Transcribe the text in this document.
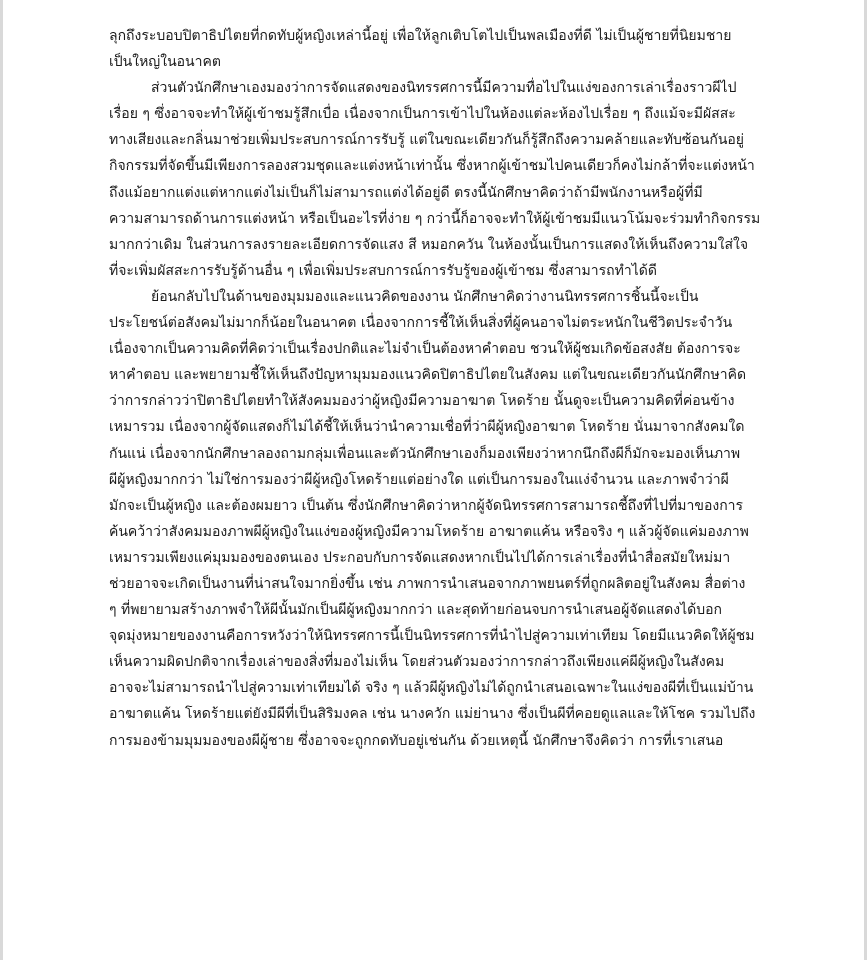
ลุกถึงระบอบปิตาธิปไตยที่กดทับผู้หญิงเหล่านี้อยู่ เพื่อให้ลูกเติบโตไปเป็นพลเมืองที่ดี ไม่เป็นผู้ชายที่นิยมชาย
เป็นใหญ่ในอนาคต
ส่วนตัวนักศึกษาเองมองว่าการจัดแสดงของนิทรรศการนี้มีความทื่อไปในแง่ของการเล่าเรื่องราวผีไป
เรื่อย ๆ ซึ่งอาจจะทำให้ผู้เข้าชมรู้สึกเบื่อ เนื่องจากเป็นการเข้าไปในห้องแต่ละห้องไปเรื่อย ๆ ถึงแม้จะมีผัสสะ
ทางเสียงและกลิ่นมาช่วยเพิ่มประสบการณ์การรับรู้ แต่ในขณะเดียวกันก็รู้สึกถึงความคล้ายและทับซ้อนกันอยู่
กิจกรรมที่จัดขึ้นมีเพียงการลองสวมชุดและแต่งหน้าเท่านั้น ซึ่งหากผู้เข้าชมไปคนเดียวก็คงไม่กล้าที่จะแต่งหน้า
ถึงแม้อยากแต่งแต่หากแต่งไม่เป็นก็ไม่สามารถแต่งได้อยู่ดี ตรงนี้นักศึกษาคิดว่าถ้ามีพนักงานหรือผู้ที่มี
ความสามารถด้านการแต่งหน้า หรือเป็นอะไรที่ง่าย ๆ กว่านี้ก็อาจจะทำให้ผู้เข้าชมมีแนวโน้มจะร่วมทำกิจกรรม
มากกว่าเดิม ในส่วนการลงรายละเอียดการจัดแสง สี หมอกควัน ในห้องนั้นเป็นการแสดงให้เห็นถึงความใส่ใจ
ที่จะเพิ่มผัสสะการรับรู้ด้านอื่น ๆ เพื่อเพิ่มประสบการณ์การรับรู้ของผู้เข้าชม ซึ่งสามารถทำได้ดี
ย้อนกลับไปในด้านของมุมมองและแนวคิดของงาน นักศึกษาคิดว่างานนิทรรศการชิ้นนี้จะเป็น
ประโยชน์ต่อสังคมไม่มากก็น้อยในอนาคต เนื่องจากการชี้ให้เห็นสิ่งที่ผู้คนอาจไม่ตระหนักในชีวิตประจำวัน
เนื่องจากเป็นความคิดที่คิดว่าเป็นเรื่องปกติและไม่จำเป็นต้องหาคำตอบ ชวนให้ผู้ชมเกิดข้อสงสัย ต้องการจะ
หาคำตอบ และพยายามชี้ให้เห็นถึงปัญหามุมมองแนวคิดปิตาธิปไตยในสังคม แต่ในขณะเดียวกันนักศึกษาคิด
ว่าการกล่าวว่าปิตาธิปไตยทำให้สังคมมองว่าผู้หญิงมีความอาฆาต โหดร้าย นั้นดูจะเป็นความคิดที่ค่อนข้าง
เหมารวม เนื่องจากผู้จัดแสดงก็ไม่ได้ชี้ให้เห็นว่านำความเชื่อที่ว่าผีผู้หญิงอาฆาต โหดร้าย นั่นมาจากสังคมใด
กันแน่ เนื่องจากนักศึกษาลองถามกลุ่มเพื่อนและตัวนักศึกษาเองก็มองเพียงว่าหากนึกถึงผีก็มักจะมองเห็นภาพ
ผีผู้หญิงมากกว่า ไม่ใช่การมองว่าผีผู้หญิงโหดร้ายแต่อย่างใด แต่เป็นการมองในแง่จำนวน และภาพจำว่าผี
มักจะเป็นผู้หญิง และต้องผมยาว เป็นต้น ซึ่งนักศึกษาคิดว่าหากผู้จัดนิทรรศการสามารถชี้ถึงที่ไปที่มาของการ
ค้นคว้าว่าสังคมมองภาพผีผู้หญิงในแง่ของผู้หญิงมีความโหดร้าย อาฆาตแค้น หรือจริง ๆ แล้วผู้จัดแค่มองภาพ
เหมารวมเพียงแค่มุมมองของตนเอง ประกอบกับการจัดแสดงหากเป็นไปได้การเล่าเรื่องที่นำสื่อสมัยใหม่มา
ช่วยอาจจะเกิดเป็นงานที่น่าสนใจมากยิ่งขึ้น เช่น ภาพการนำเสนอจากภาพยนตร์ที่ถูกผลิตอยู่ในสังคม สื่อต่าง
ๆ ที่พยายามสร้างภาพจำให้ผีนั้นมักเป็นผีผู้หญิงมากกว่า และสุดท้ายก่อนจบการนำเสนอผู้จัดแสดงได้บอก
จุดมุ่งหมายของงานคือการหวังว่าให้นิทรรศการนี้เป็นนิทรรศการที่นำไปสู่ความเท่าเทียม โดยมีแนวคิดให้ผู้ชม
เห็นความผิดปกติจากเรื่องเล่าของสิ่งที่มองไม่เห็น โดยส่วนตัวมองว่าการกล่าวถึงเพียงแค่ผีผู้หญิงในสังคม
อาจจะไม่สามารถนำไปสู่ความเท่าเทียมได้ จริง ๆ แล้วผีผู้หญิงไม่ได้ถูกนำเสนอเฉพาะในแง่ของผีที่เป็นแม่บ้าน
อาฆาตแค้น โหดร้ายแต่ยังมีผีที่เป็นสิริมงคล เช่น นางควัก แม่ย่านาง ซึ่งเป็นผีที่คอยดูแลและให้โชค รวมไปถึง
การมองข้ามมุมมองของผีผู้ชาย ซึ่งอาจจะถูกกดทับอยู่เช่นกัน ด้วยเหตุนี้ นักศึกษาจึงคิดว่า การที่เราเสนอ
